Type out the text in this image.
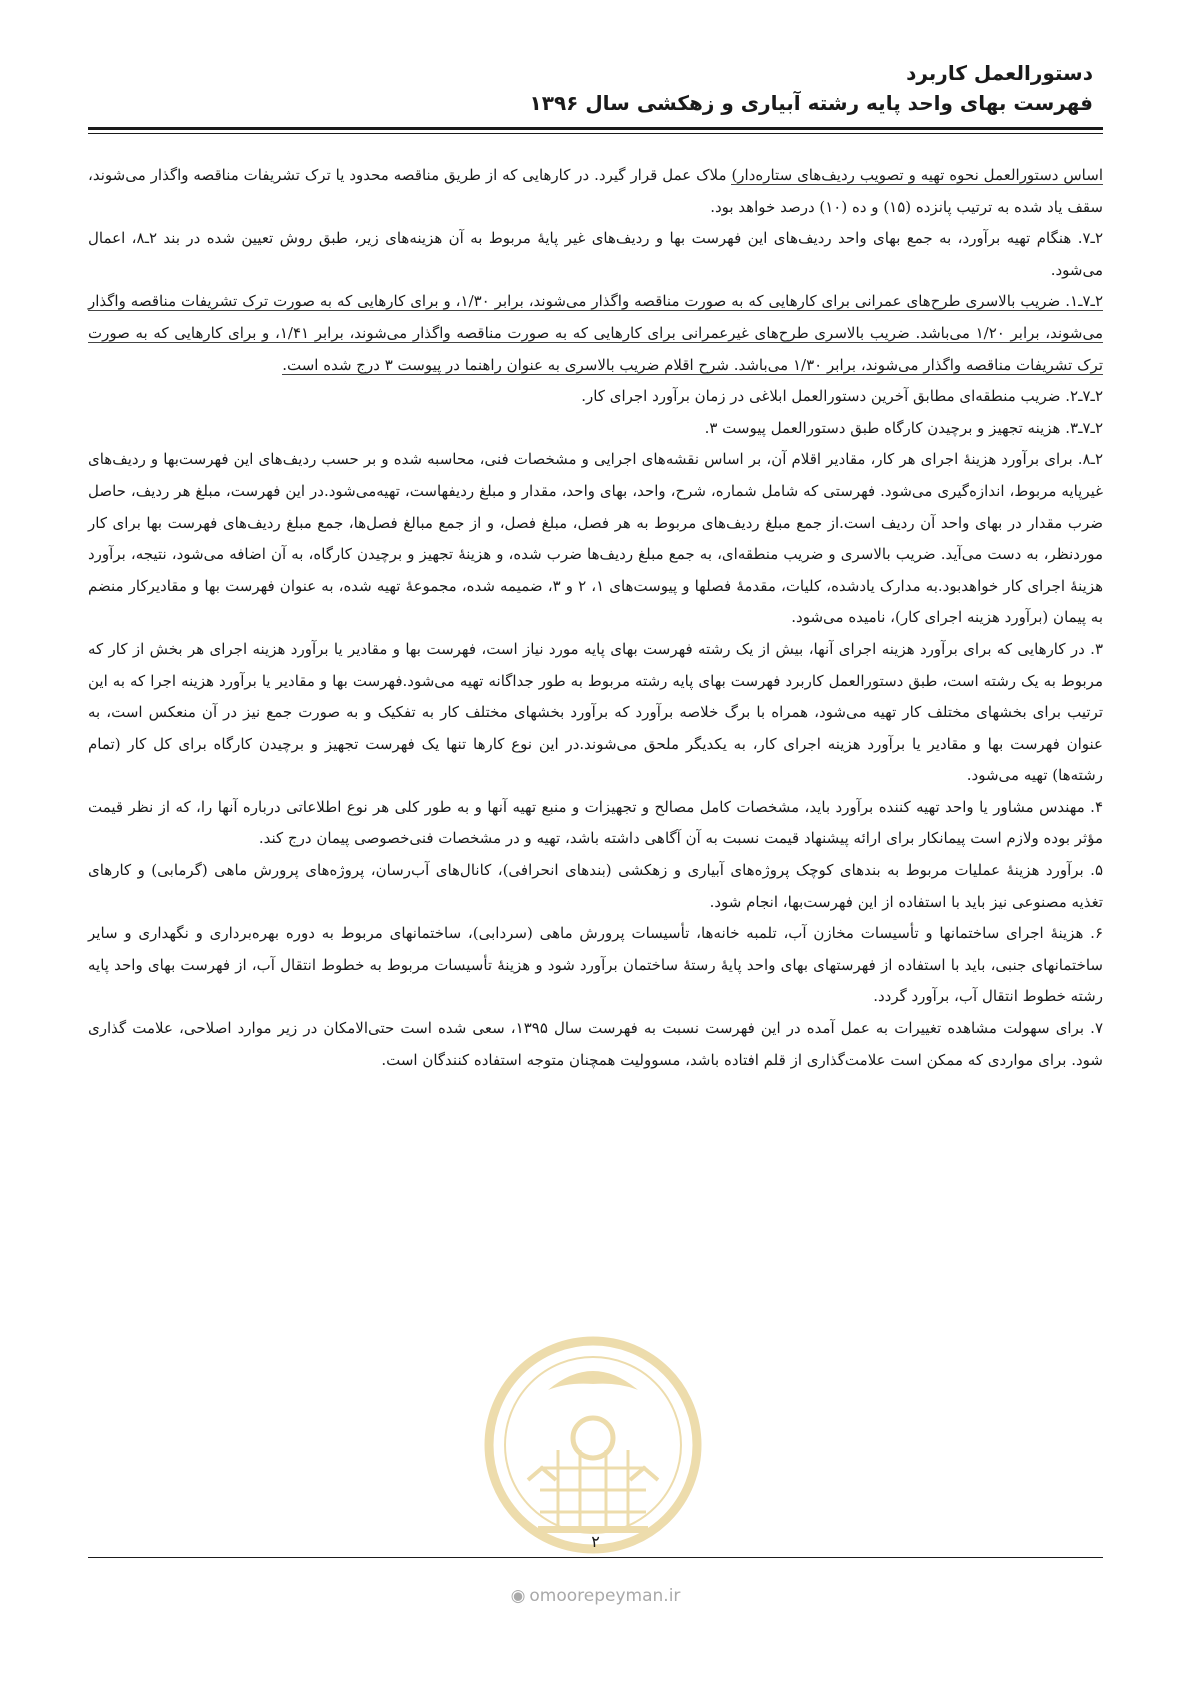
دستورالعمل کاربرد
فهرست بهای واحد پایه رشته آبیاری و زهکشی سال ۱۳۹۶

اساس دستورالعمل نحوه تهیه و تصویب ردیف‌های ستاره‌دار) ملاک عمل قرار گیرد. در کارهایی که از طریق مناقصه محدود یا ترک تشریفات مناقصه واگذار می‌شوند، سقف یاد شده به ترتیب پانزده (۱۵) و ده (۱۰) درصد خواهد بود.

۲ـ۷. هنگام تهیه برآورد، به جمع بهای واحد ردیف‌های این فهرست بها و ردیف‌های غیر پایهٔ مربوط به آن هزینه‌های زیر، طبق روش تعیین شده در بند ۲ـ۸، اعمال می‌شود.

۲ـ۷ـ۱. ضریب بالاسری طرح‌های عمرانی برای کارهایی که به صورت مناقصه واگذار می‌شوند، برابر ۱/۳۰، و برای کارهایی که به صورت ترک تشریفات مناقصه واگذار می‌شوند، برابر ۱/۲۰ می‌باشد. ضریب بالاسری طرح‌های غیرعمرانی برای کارهایی که به صورت مناقصه واگذار می‌شوند، برابر ۱/۴۱، و برای کارهایی که به صورت ترک تشریفات مناقصه واگذار می‌شوند، برابر ۱/۳۰ می‌باشد. شرح اقلام ضریب بالاسری به عنوان راهنما در پیوست ۳ درج شده است.

۲ـ۷ـ۲. ضریب منطقه‌ای مطابق آخرین دستورالعمل ابلاغی در زمان برآورد اجرای کار.

۲ـ۷ـ۳. هزینه تجهیز و برچیدن کارگاه طبق دستورالعمل پیوست ۳.

۲ـ۸. برای برآورد هزینهٔ اجرای هر کار، مقادیر اقلام آن، بر اساس نقشه‌های اجرایی و مشخصات فنی، محاسبه شده و بر حسب ردیف‌های این فهرست‌بها و ردیف‌های غیرپایه مربوط، اندازه‌گیری می‌شود. فهرستی که شامل شماره، شرح، واحد، بهای واحد، مقدار و مبلغ ردیفهاست، تهیه‌می‌شود.در این فهرست، مبلغ هر ردیف، حاصل ضرب مقدار در بهای واحد آن ردیف است.از جمع مبلغ ردیف‌های مربوط به هر فصل، مبلغ فصل، و از جمع مبالغ فصل‌ها، جمع مبلغ ردیف‌های فهرست بها برای کار موردنظر، به دست می‌آید. ضریب بالاسری و ضریب منطقه‌ای، به جمع مبلغ ردیف‌ها ضرب شده، و هزینهٔ تجهیز و برچیدن کارگاه، به آن اضافه می‌شود، نتیجه، برآورد هزینهٔ اجرای کار خواهدبود.به مدارک یادشده، کلیات، مقدمهٔ فصلها و پیوست‌های ۱، ۲ و ۳، ضمیمه شده، مجموعهٔ تهیه شده، به عنوان فهرست بها و مقادیرکار منضم به پیمان (برآورد هزینه اجرای کار)، نامیده می‌شود.

۳. در کارهایی که برای برآورد هزینه اجرای آنها، بیش از یک رشته فهرست بهای پایه مورد نیاز است، فهرست بها و مقادیر یا برآورد هزینه اجرای هر بخش از کار که مربوط به یک رشته است، طبق دستورالعمل کاربرد فهرست بهای پایه رشته مربوط به طور جداگانه تهیه می‌شود.فهرست بها و مقادیر یا برآورد هزینه اجرا که به این ترتیب برای بخشهای مختلف کار تهیه می‌شود، همراه با برگ خلاصه برآورد که برآورد بخشهای مختلف کار به تفکیک و به صورت جمع نیز در آن منعکس است، به عنوان فهرست بها و مقادیر یا برآورد هزینه اجرای کار، به یکدیگر ملحق می‌شوند.در این نوع کارها تنها یک فهرست تجهیز و برچیدن کارگاه برای کل کار (تمام رشته‌ها) تهیه می‌شود.

۴. مهندس مشاور یا واحد تهیه کننده برآورد باید، مشخصات کامل مصالح و تجهیزات و منبع تهیه آنها و به طور کلی هر نوع اطلاعاتی درباره آنها را، که از نظر قیمت مؤثر بوده ولازم است پیمانکار برای ارائه پیشنهاد قیمت نسبت به آن آگاهی داشته باشد، تهیه و در مشخصات فنی‌خصوصی پیمان درج کند.

۵. برآورد هزینهٔ عملیات مربوط به بندهای کوچک پروژه‌های آبیاری و زهکشی (بندهای انحرافی)، کانال‌های آب‌رسان، پروژه‌های پرورش ماهی (گرمابی) و کارهای تغذیه مصنوعی نیز باید با استفاده از این فهرست‌بها، انجام شود.

۶. هزینهٔ اجرای ساختمانها و تأسیسات مخازن آب، تلمبه خانه‌ها، تأسیسات پرورش ماهی (سردابی)، ساختمانهای مربوط به دوره بهره‌برداری و نگهداری و سایر ساختمانهای جنبی، باید با استفاده از فهرستهای بهای واحد پایهٔ رستهٔ ساختمان برآورد شود و هزینهٔ تأسیسات مربوط به خطوط انتقال آب، از فهرست بهای واحد پایه رشته خطوط انتقال آب، برآورد گردد.

۷. برای سهولت مشاهده تغییرات به عمل آمده در این فهرست نسبت به فهرست سال ۱۳۹۵، سعی شده است حتی‌الامکان در زیر موارد اصلاحی، علامت گذاری شود. برای مواردی که ممکن است علامت‌گذاری از قلم افتاده باشد، مسوولیت همچنان متوجه استفاده کنندگان است.

۲
◉ omoorepeyman.ir
